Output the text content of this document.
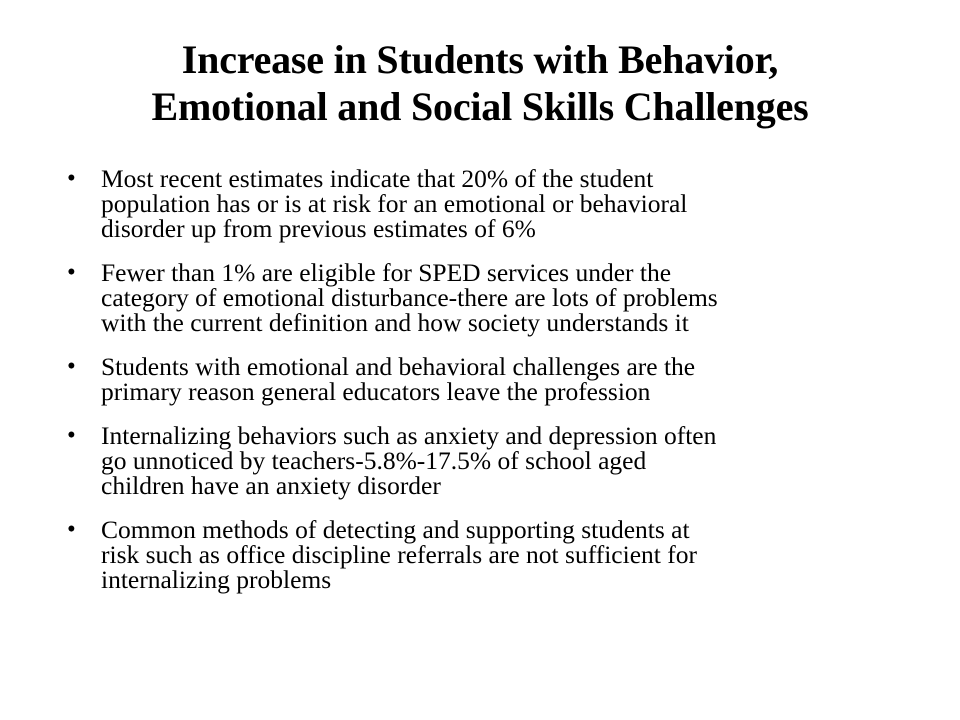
Increase in Students with Behavior,
Emotional and Social Skills Challenges
• Most recent estimates indicate that 20% of the student
population has or is at risk for an emotional or behavioral
disorder up from previous estimates of 6%
• Fewer than 1% are eligible for SPED services under the
category of emotional disturbance-there are lots of problems
with the current definition and how society understands it
• Students with emotional and behavioral challenges are the
primary reason general educators leave the profession
• Internalizing behaviors such as anxiety and depression often
go unnoticed by teachers-5.8%-17.5% of school aged
children have an anxiety disorder
• Common methods of detecting and supporting students at
risk such as office discipline referrals are not sufficient for
internalizing problems
